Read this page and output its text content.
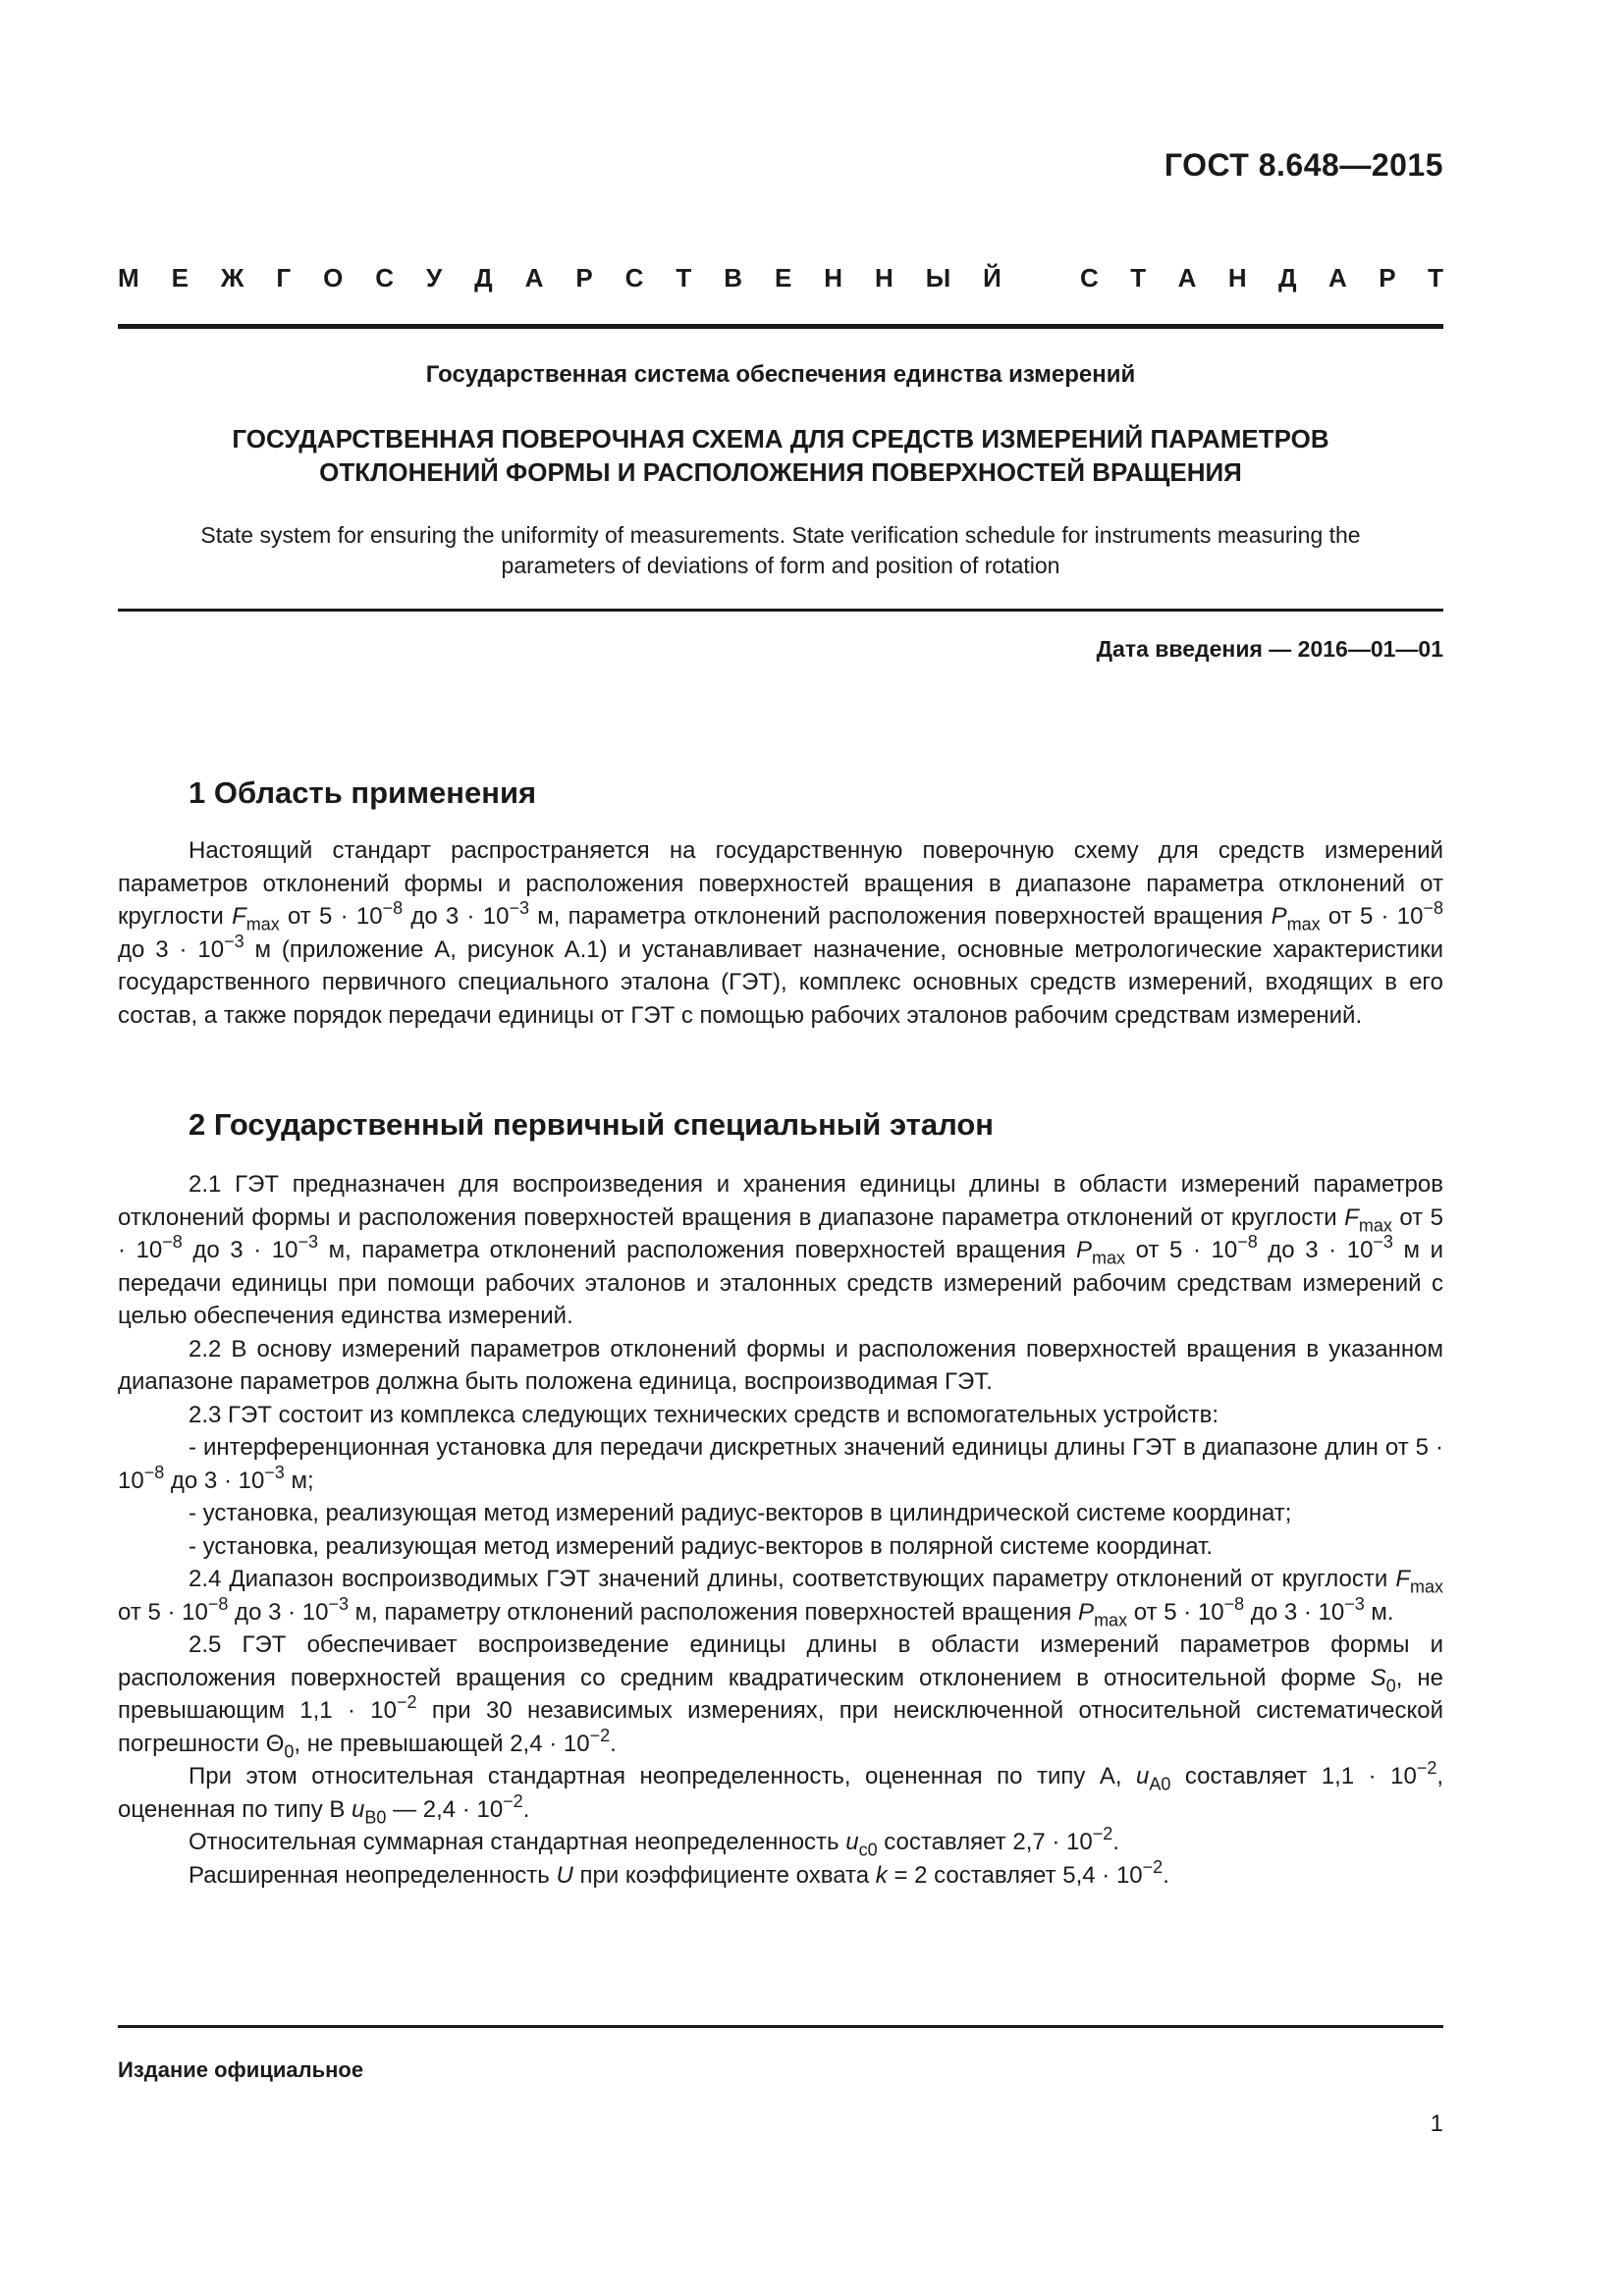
ГОСТ 8.648—2015
М Е Ж Г О С У Д А Р С Т В Е Н Н Ы Й	С Т А Н Д А Р Т
Государственная система обеспечения единства измерений
ГОСУДАРСТВЕННАЯ ПОВЕРОЧНАЯ СХЕМА ДЛЯ СРЕДСТВ ИЗМЕРЕНИЙ ПАРАМЕТРОВ
ОТКЛОНЕНИЙ ФОРМЫ И РАСПОЛОЖЕНИЯ ПОВЕРХНОСТЕЙ ВРАЩЕНИЯ
State system for ensuring the uniformity of measurements. State verification schedule for instruments measuring the
parameters of deviations of form and position of rotation
Дата введения — 2016—01—01
1 Область применения

Настоящий стандарт распространяется на государственную поверочную схему для средств измерений параметров отклонений формы и расположения поверхностей вращения в диапазоне параметра отклонений от круглости $F_{max}$ от $5 \cdot 10^{-8}$ до $3 \cdot 10^{-3}$ м, параметра отклонений расположения поверхностей вращения $P_{max}$ от $5 \cdot 10^{-8}$ до $3 \cdot 10^{-3}$ м (приложение А, рисунок А.1) и устанавливает назначение, основные метрологические характеристики государственного первичного специального эталона (ГЭТ), комплекс основных средств измерений, входящих в его состав, а также порядок передачи единицы от ГЭТ с помощью рабочих эталонов рабочим средствам измерений.

2 Государственный первичный специальный эталон

2.1 ГЭТ предназначен для воспроизведения и хранения единицы длины в области измерений параметров отклонений формы и расположения поверхностей вращения в диапазоне параметра отклонений от круглости $F_{max}$ от $5 \cdot 10^{-8}$ до $3 \cdot 10^{-3}$ м, параметра отклонений расположения поверхностей вращения $P_{max}$ от $5 \cdot 10^{-8}$ до $3 \cdot 10^{-3}$ м и передачи единицы при помощи рабочих эталонов и эталонных средств измерений рабочим средствам измерений с целью обеспечения единства измерений.

2.2 В основу измерений параметров отклонений формы и расположения поверхностей вращения в указанном диапазоне параметров должна быть положена единица, воспроизводимая ГЭТ.

2.3 ГЭТ состоит из комплекса следующих технических средств и вспомогательных устройств:

- интерференционная установка для передачи дискретных значений единицы длины ГЭТ в диапазоне длин от $5 \cdot 10^{-8}$ до $3 \cdot 10^{-3}$ м;

- установка, реализующая метод измерений радиус-векторов в цилиндрической системе координат;

- установка, реализующая метод измерений радиус-векторов в полярной системе координат.

2.4 Диапазон воспроизводимых ГЭТ значений длины, соответствующих параметру отклонений от круглости $F_{max}$ от $5 \cdot 10^{-8}$ до $3 \cdot 10^{-3}$ м, параметру отклонений расположения поверхностей вращения $P_{max}$ от $5 \cdot 10^{-8}$ до $3 \cdot 10^{-3}$ м.

2.5 ГЭТ обеспечивает воспроизведение единицы длины в области измерений параметров формы и расположения поверхностей вращения со средним квадратическим отклонением в относительной форме $S_0$, не превышающим $1,1 \cdot 10^{-2}$ при 30 независимых измерениях, при неисключенной относительной систематической погрешности $\Theta_0$, не превышающей $2,4 \cdot 10^{-2}$.

При этом относительная стандартная неопределенность, оцененная по типу А, $u_{A0}$ составляет $1,1 \cdot 10^{-2}$, оцененная по типу В $u_{B0}$ — $2,4 \cdot 10^{-2}$.

Относительная суммарная стандартная неопределенность $u_{c0}$ составляет $2,7 \cdot 10^{-2}$.

Расширенная неопределенность U при коэффициенте охвата k = 2 составляет $5,4 \cdot 10^{-2}$.

Издание официальное
1
